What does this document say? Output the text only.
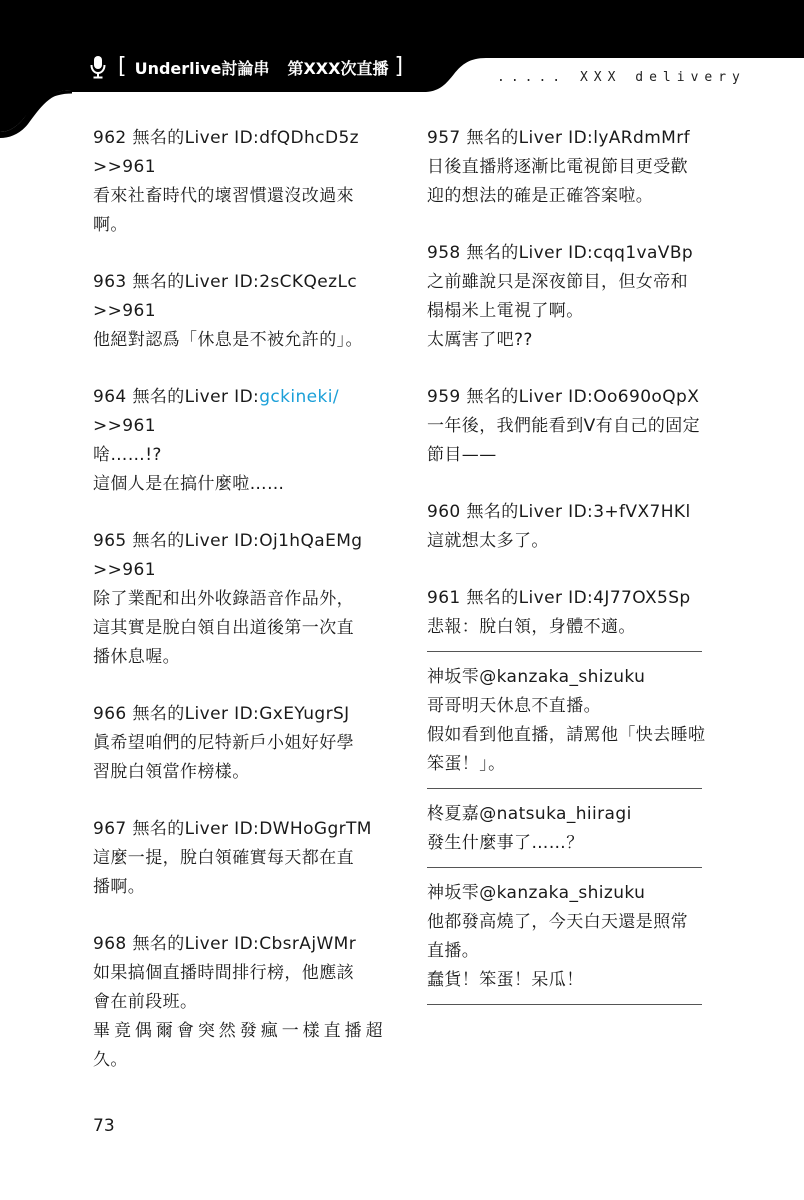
[ Underlive討論串 第XXX次直播 ]	..... XXX delivery
962 無名的Liver ID:dfQDhcD5z
>>961
看來社畜時代的壞習慣還沒改過來
啊。
963 無名的Liver ID:2sCKQezLc
>>961
他絕對認爲「休息是不被允許的」。
964 無名的Liver ID:gckineki/
>>961
啥……!?
這個人是在搞什麼啦……
965 無名的Liver ID:Oj1hQaEMg
>>961
除了業配和出外收錄語音作品外，
這其實是脫白領自出道後第一次直
播休息喔。
966 無名的Liver ID:GxEYugrSJ
眞希望咱們的尼特新戶小姐好好學
習脫白領當作榜樣。
967 無名的Liver ID:DWHoGgrTM
這麼一提，脫白領確實每天都在直
播啊。
968 無名的Liver ID:CbsrAjWMr
如果搞個直播時間排行榜，他應該
會在前段班。
畢竟偶爾會突然發瘋一樣直播超
久。
957 無名的Liver ID:lyARdmMrf
日後直播將逐漸比電視節目更受歡
迎的想法的確是正確答案啦。
958 無名的Liver ID:cqq1vaVBp
之前雖說只是深夜節目，但女帝和
榻榻米上電視了啊。
太厲害了吧??
959 無名的Liver ID:Oo690oQpX
一年後，我們能看到V有自己的固定
節目——
960 無名的Liver ID:3+fVX7HKl
這就想太多了。
961 無名的Liver ID:4J77OX5Sp
悲報：脫白領，身體不適。
神坂雫@kanzaka_shizuku
哥哥明天休息不直播。
假如看到他直播，請罵他「快去睡啦
笨蛋！」。
柊夏嘉@natsuka_hiiragi
發生什麼事了……？
神坂雫@kanzaka_shizuku
他都發高燒了，今天白天還是照常
直播。
蠢貨！笨蛋！呆瓜！
73
